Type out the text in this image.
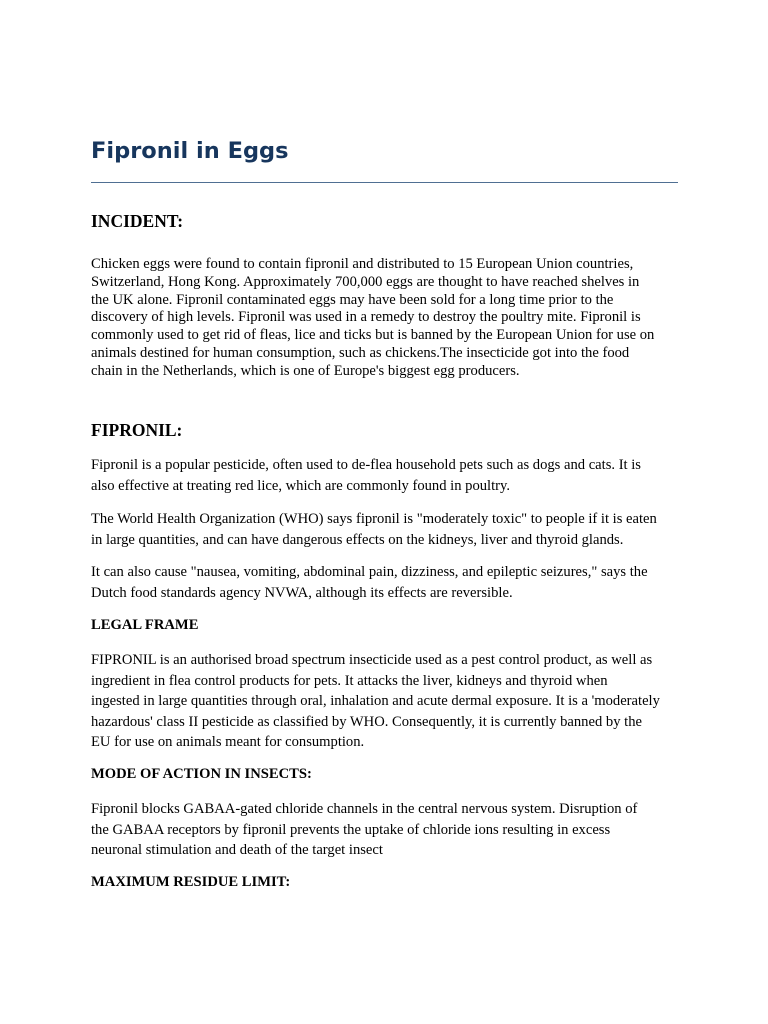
Fipronil in Eggs
INCIDENT:

Chicken eggs were found to contain fipronil and distributed to 15 European Union countries,
Switzerland, Hong Kong. Approximately 700,000 eggs are thought to have reached shelves in
the UK alone. Fipronil contaminated eggs may have been sold for a long time prior to the
discovery of high levels. Fipronil was used in a remedy to destroy the poultry mite. Fipronil is
commonly used to get rid of fleas, lice and ticks but is banned by the European Union for use on
animals destined for human consumption, such as chickens.The insecticide got into the food
chain in the Netherlands, which is one of Europe's biggest egg producers.

FIPRONIL:

Fipronil is a popular pesticide, often used to de-flea household pets such as dogs and cats. It is
also effective at treating red lice, which are commonly found in poultry.

The World Health Organization (WHO) says fipronil is "moderately toxic" to people if it is eaten
in large quantities, and can have dangerous effects on the kidneys, liver and thyroid glands.

It can also cause "nausea, vomiting, abdominal pain, dizziness, and epileptic seizures," says the
Dutch food standards agency NVWA, although its effects are reversible.

LEGAL FRAME

FIPRONIL is an authorised broad spectrum insecticide used as a pest control product, as well as
ingredient in flea control products for pets. It attacks the liver, kidneys and thyroid when
ingested in large quantities through oral, inhalation and acute dermal exposure. It is a 'moderately
hazardous' class II pesticide as classified by WHO. Consequently, it is currently banned by the
EU for use on animals meant for consumption.

MODE OF ACTION IN INSECTS:

Fipronil blocks GABAA-gated chloride channels in the central nervous system. Disruption of
the GABAA receptors by fipronil prevents the uptake of chloride ions resulting in excess
neuronal stimulation and death of the target insect

MAXIMUM RESIDUE LIMIT:
